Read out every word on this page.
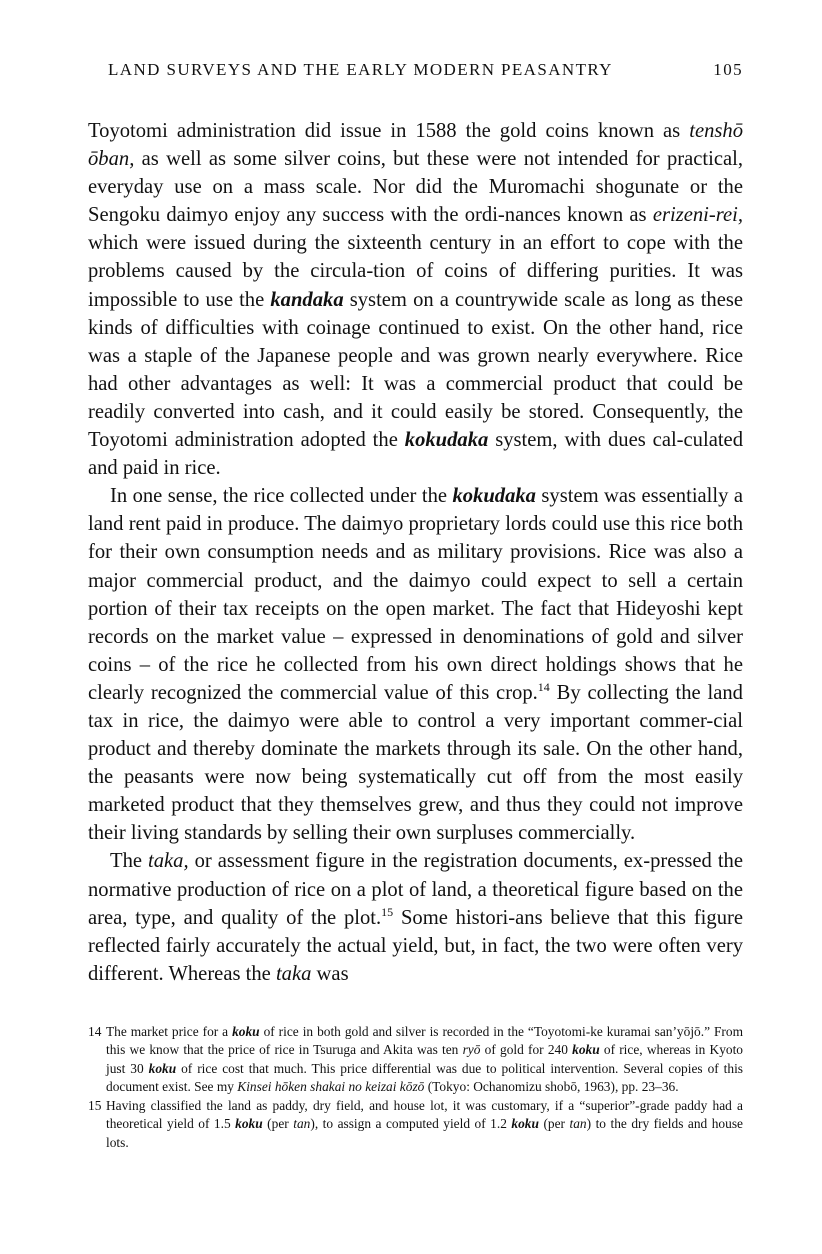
LAND SURVEYS AND THE EARLY MODERN PEASANTRY	105

Toyotomi administration did issue in 1588 the gold coins known as tenshō ōban, as well as some silver coins, but these were not intended for practical, everyday use on a mass scale. Nor did the Muromachi shogunate or the Sengoku daimyo enjoy any success with the ordi-nances known as erizeni-rei, which were issued during the sixteenth century in an effort to cope with the problems caused by the circula-tion of coins of differing purities. It was impossible to use the kandaka system on a countrywide scale as long as these kinds of difficulties with coinage continued to exist. On the other hand, rice was a staple of the Japanese people and was grown nearly everywhere. Rice had other advantages as well: It was a commercial product that could be readily converted into cash, and it could easily be stored. Consequently, the Toyotomi administration adopted the kokudaka system, with dues cal-culated and paid in rice.

In one sense, the rice collected under the kokudaka system was essentially a land rent paid in produce. The daimyo proprietary lords could use this rice both for their own consumption needs and as military provisions. Rice was also a major commercial product, and the daimyo could expect to sell a certain portion of their tax receipts on the open market. The fact that Hideyoshi kept records on the market value – expressed in denominations of gold and silver coins – of the rice he collected from his own direct holdings shows that he clearly recognized the commercial value of this crop.$^{14}$ By collecting the land tax in rice, the daimyo were able to control a very important commer-cial product and thereby dominate the markets through its sale. On the other hand, the peasants were now being systematically cut off from the most easily marketed product that they themselves grew, and thus they could not improve their living standards by selling their own surpluses commercially.

The taka, or assessment figure in the registration documents, ex-pressed the normative production of rice on a plot of land, a theoretical figure based on the area, type, and quality of the plot.$^{15}$ Some histori-ans believe that this figure reflected fairly accurately the actual yield, but, in fact, the two were often very different. Whereas the taka was

14 The market price for a koku of rice in both gold and silver is recorded in the “Toyotomi-ke kuramai san’yōjō.” From this we know that the price of rice in Tsuruga and Akita was ten ryō of gold for 240 koku of rice, whereas in Kyoto just 30 koku of rice cost that much. This price differential was due to political intervention. Several copies of this document exist. See my Kinsei hōken shakai no keizai kōzō (Tokyo: Ochanomizu shobō, 1963), pp. 23–36.
15 Having classified the land as paddy, dry field, and house lot, it was customary, if a “superior”-grade paddy had a theoretical yield of 1.5 koku (per tan), to assign a computed yield of 1.2 koku (per tan) to the dry fields and house lots.
